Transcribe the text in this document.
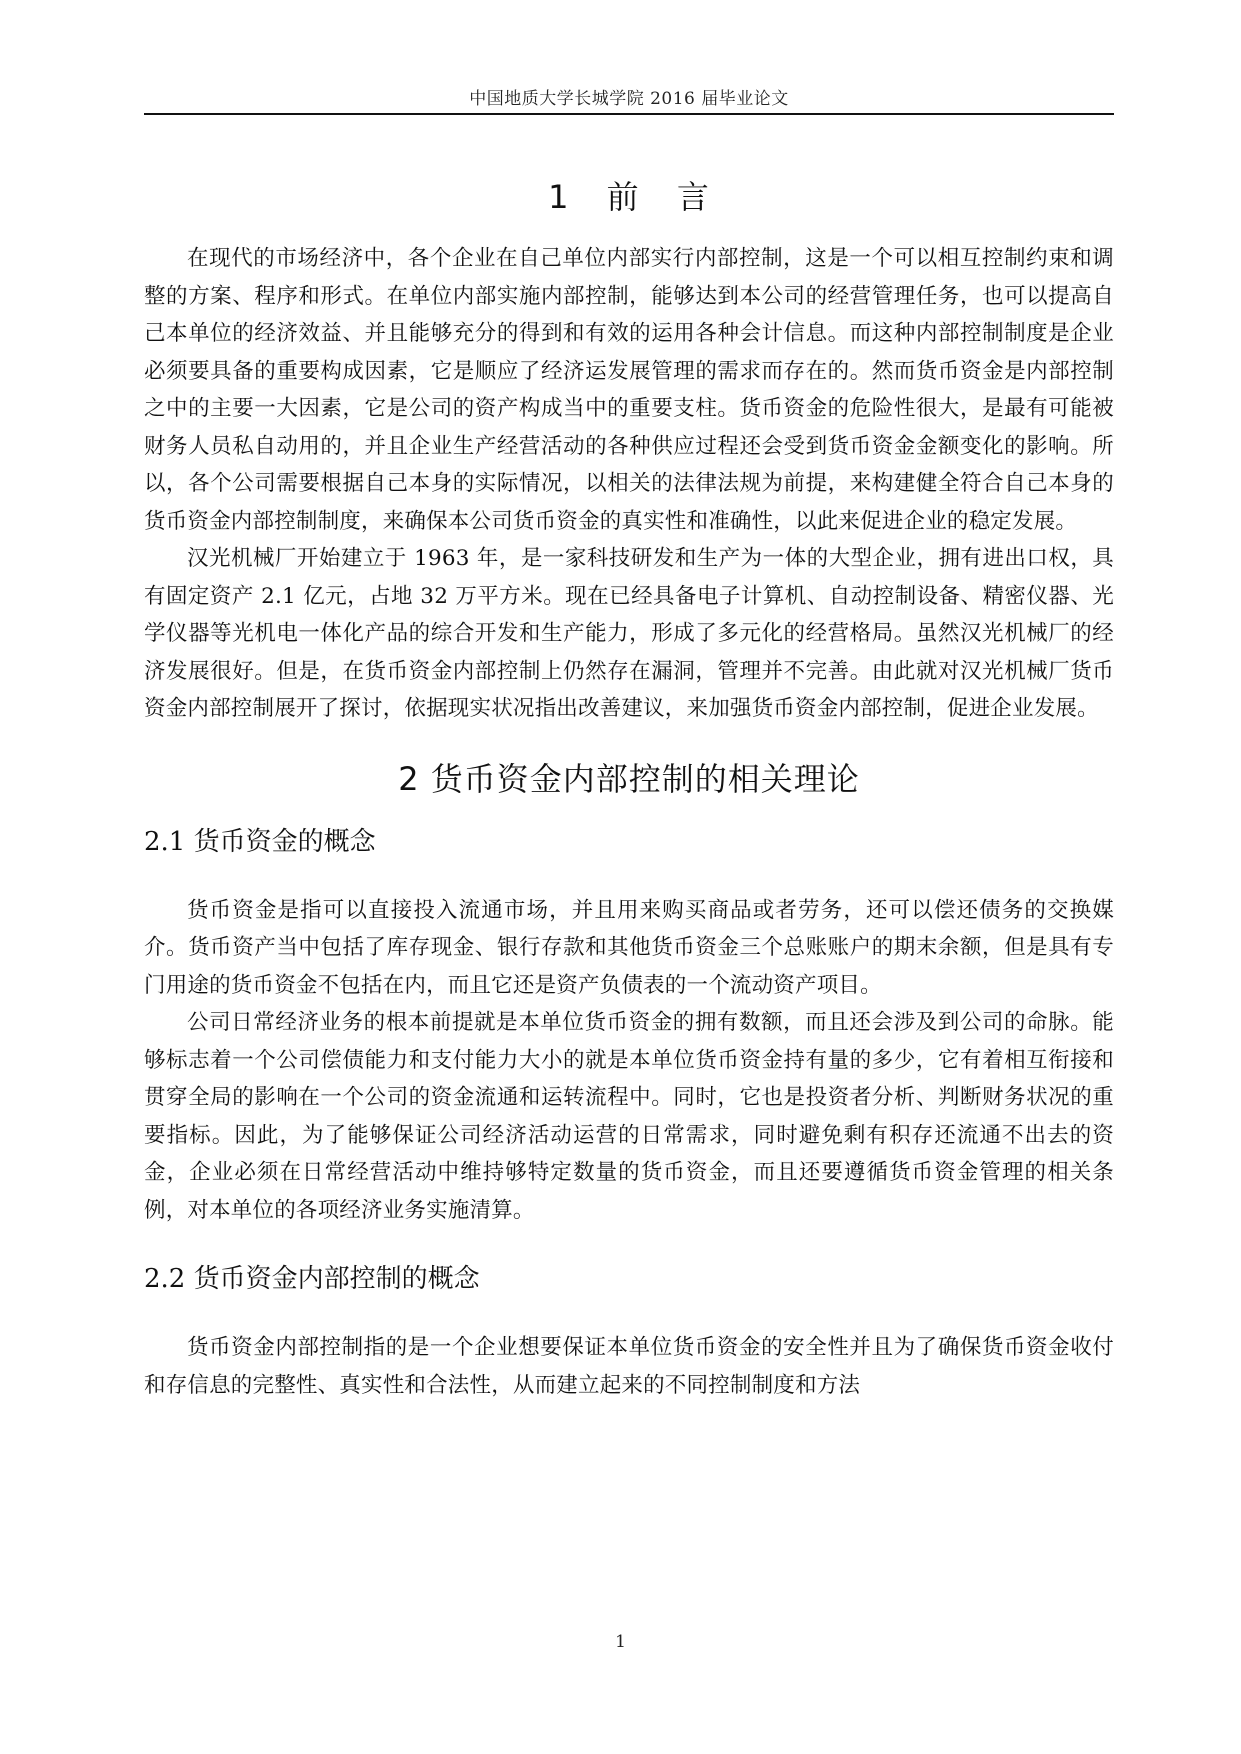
中国地质大学长城学院 2016 届毕业论文
1 前 言

在现代的市场经济中，各个企业在自己单位内部实行内部控制，这是一个可以相互控制约束和调整的方案、程序和形式。在单位内部实施内部控制，能够达到本公司的经营管理任务，也可以提高自己本单位的经济效益、并且能够充分的得到和有效的运用各种会计信息。而这种内部控制制度是企业必须要具备的重要构成因素，它是顺应了经济运发展管理的需求而存在的。然而货币资金是内部控制之中的主要一大因素，它是公司的资产构成当中的重要支柱。货币资金的危险性很大，是最有可能被财务人员私自动用的，并且企业生产经营活动的各种供应过程还会受到货币资金金额变化的影响。所以，各个公司需要根据自己本身的实际情况，以相关的法律法规为前提，来构建健全符合自己本身的货币资金内部控制制度，来确保本公司货币资金的真实性和准确性，以此来促进企业的稳定发展。

汉光机械厂开始建立于 1963 年，是一家科技研发和生产为一体的大型企业，拥有进出口权，具有固定资产 2.1 亿元，占地 32 万平方米。现在已经具备电子计算机、自动控制设备、精密仪器、光学仪器等光机电一体化产品的综合开发和生产能力，形成了多元化的经营格局。虽然汉光机械厂的经济发展很好。但是，在货币资金内部控制上仍然存在漏洞，管理并不完善。由此就对汉光机械厂货币资金内部控制展开了探讨，依据现实状况指出改善建议，来加强货币资金内部控制，促进企业发展。

2 货币资金内部控制的相关理论
2.1 货币资金的概念

货币资金是指可以直接投入流通市场，并且用来购买商品或者劳务，还可以偿还债务的交换媒介。货币资产当中包括了库存现金、银行存款和其他货币资金三个总账账户的期末余额，但是具有专门用途的货币资金不包括在内，而且它还是资产负债表的一个流动资产项目。

公司日常经济业务的根本前提就是本单位货币资金的拥有数额，而且还会涉及到公司的命脉。能够标志着一个公司偿债能力和支付能力大小的就是本单位货币资金持有量的多少，它有着相互衔接和贯穿全局的影响在一个公司的资金流通和运转流程中。同时，它也是投资者分析、判断财务状况的重要指标。因此，为了能够保证公司经济活动运营的日常需求，同时避免剩有积存还流通不出去的资金，企业必须在日常经营活动中维持够特定数量的货币资金，而且还要遵循货币资金管理的相关条例，对本单位的各项经济业务实施清算。

2.2 货币资金内部控制的概念

货币资金内部控制指的是一个企业想要保证本单位货币资金的安全性并且为了确保货币资金收付和存信息的完整性、真实性和合法性，从而建立起来的不同控制制度和方法

1
